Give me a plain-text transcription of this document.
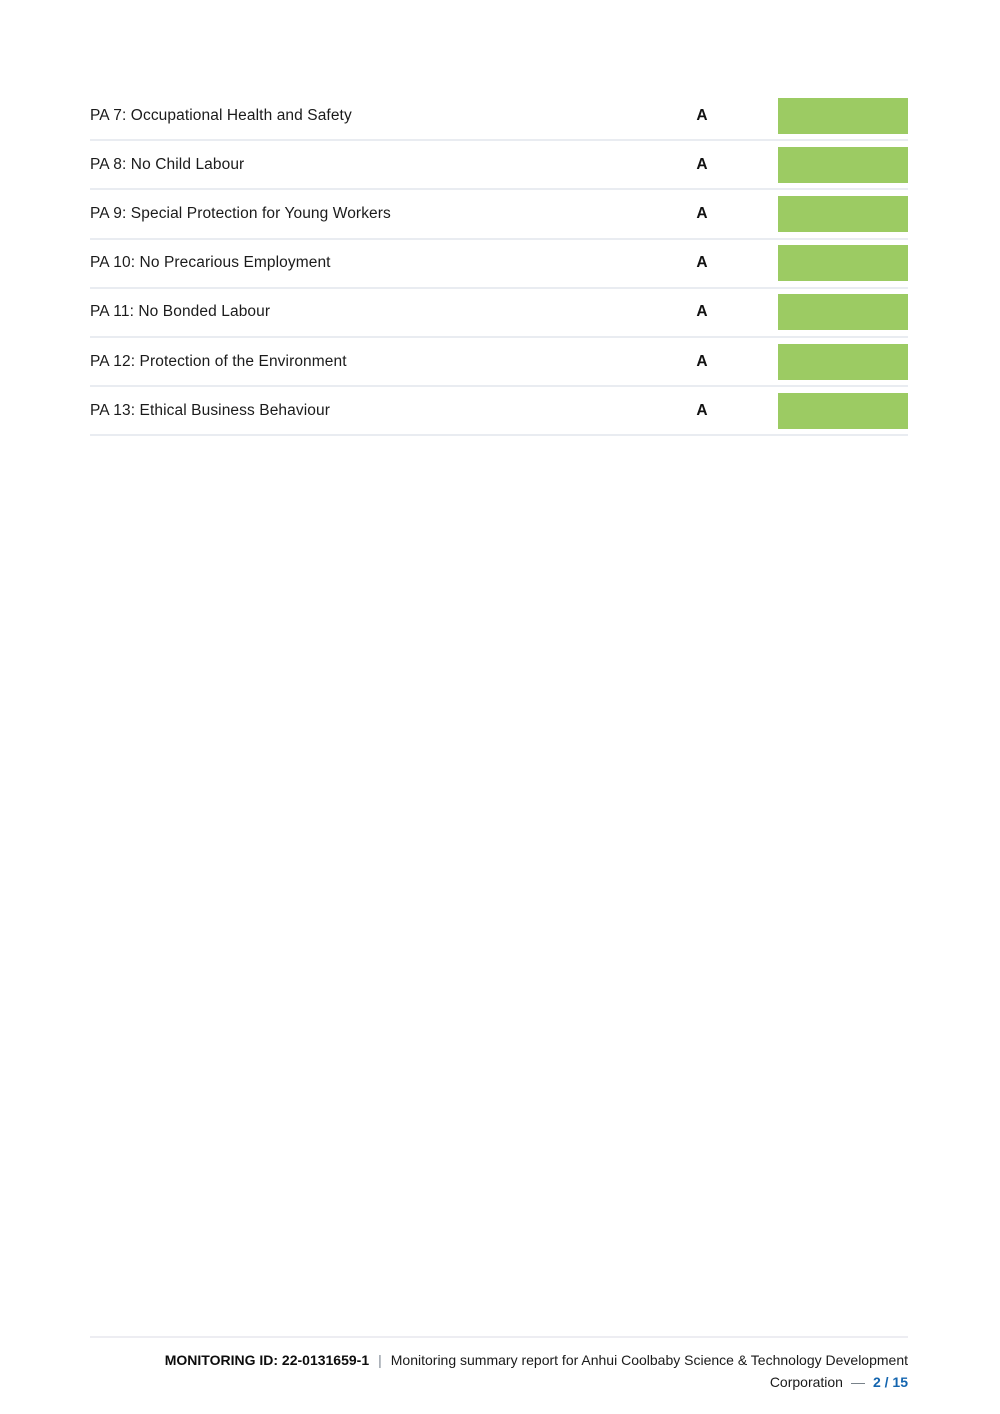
PA 7: Occupational Health and Safety	A
PA 8: No Child Labour	A
PA 9: Special Protection for Young Workers	A
PA 10: No Precarious Employment	A
PA 11: No Bonded Labour	A
PA 12: Protection of the Environment	A
PA 13: Ethical Business Behaviour	A
MONITORING ID: 22-0131659-1 | Monitoring summary report for Anhui Coolbaby Science & Technology Development
Corporation — 2 / 15
